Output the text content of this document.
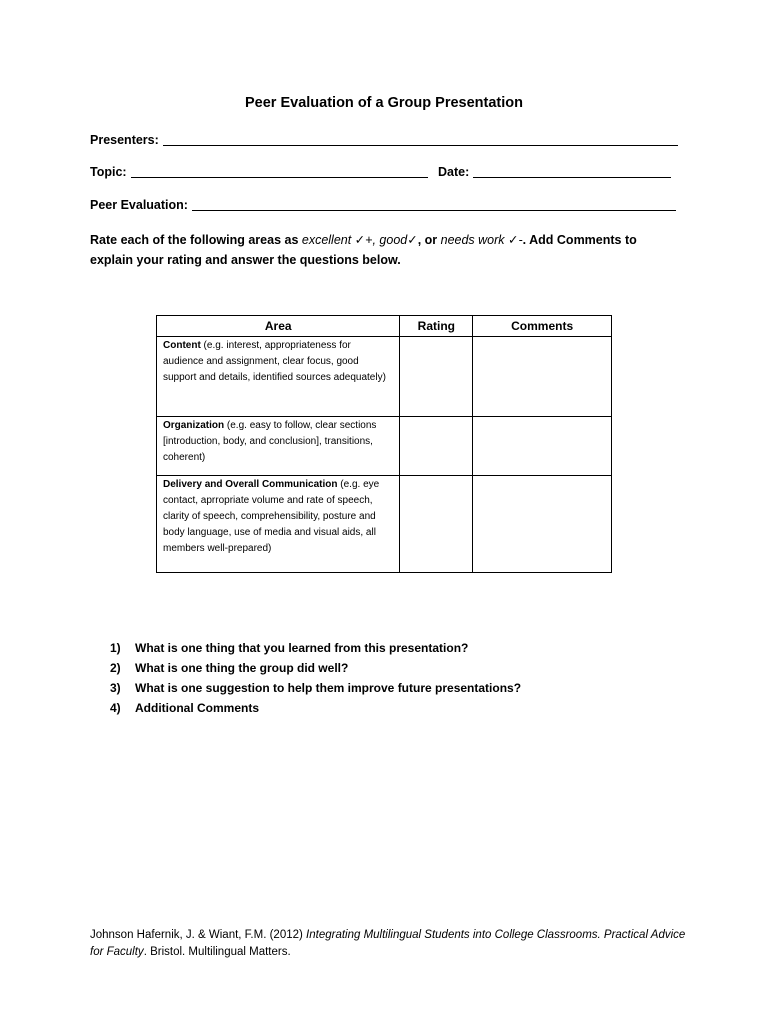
Peer Evaluation of a Group Presentation
Presenters:
Topic:	Date:
Peer Evaluation:
Rate each of the following areas as excellent ✓+, good✓, or needs work ✓-. Add Comments to explain your rating and answer the questions below.
Area	Rating	Comments
Content (e.g. interest, appropriateness for audience and assignment, clear focus, good support and details, identified sources adequately)		
Organization (e.g. easy to follow, clear sections [introduction, body, and conclusion], transitions, coherent)		
Delivery and Overall Communication (e.g. eye contact, aprropriate volume and rate of speech, clarity of speech, comprehensibility, posture and body language, use of media and visual aids, all members well-prepared)		
1)	What is one thing that you learned from this presentation?
2)	What is one thing the group did well?
3)	What is one suggestion to help them improve future presentations?
4)	Additional Comments
Johnson Hafernik, J. & Wiant, F.M. (2012) Integrating Multilingual Students into College Classrooms. Practical Advice for Faculty. Bristol. Multilingual Matters.
